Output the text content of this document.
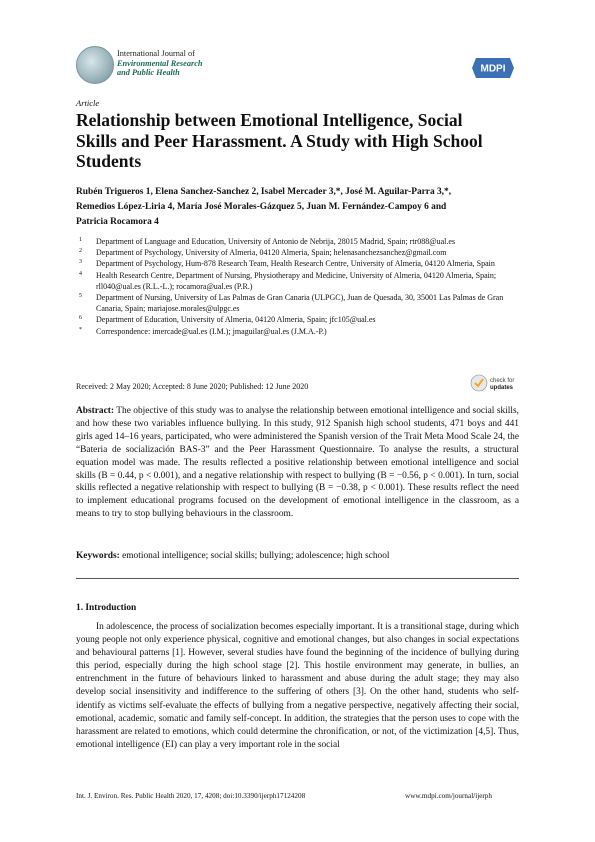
International Journal of
Environmental Research
and Public Health	MDPI
Article
Relationship between Emotional Intelligence, Social Skills and Peer Harassment. A Study with High School Students
Rubén Trigueros 1, Elena Sanchez-Sanchez 2, Isabel Mercader 3,*, José M. Aguilar-Parra 3,*,
Remedios López-Liria 4, María José Morales-Gázquez 5, Juan M. Fernández-Campoy 6 and
Patricia Rocamora 4
1 Department of Language and Education, University of Antonio de Nebrija, 28015 Madrid, Spain; rtr088@ual.es
2 Department of Psychology, University of Almeria, 04120 Almeria, Spain; helenasanchezsanchez@gmail.com
3 Department of Psychology, Hum-878 Research Team, Health Research Centre, University of Almeria, 04120 Almeria, Spain
4 Health Research Centre, Department of Nursing, Physiotherapy and Medicine, University of Almeria, 04120 Almeria, Spain; rll040@ual.es (R.L.-L.); rocamora@ual.es (P.R.)
5 Department of Nursing, University of Las Palmas de Gran Canaria (ULPGC), Juan de Quesada, 30, 35001 Las Palmas de Gran Canaria, Spain; mariajose.morales@ulpgc.es
6 Department of Education, University of Almeria, 04120 Almeria, Spain; jfc105@ual.es
* Correspondence: imercade@ual.es (I.M.); jmaguilar@ual.es (J.M.A.-P.)
Received: 2 May 2020; Accepted: 8 June 2020; Published: 12 June 2020
check for
updates
Abstract: The objective of this study was to analyse the relationship between emotional intelligence and social skills, and how these two variables influence bullying. In this study, 912 Spanish high school students, 471 boys and 441 girls aged 14–16 years, participated, who were administered the Spanish version of the Trait Meta Mood Scale 24, the “Bateria de socialización BAS-3” and the Peer Harassment Questionnaire. To analyse the results, a structural equation model was made. The results reflected a positive relationship between emotional intelligence and social skills (B = 0.44, p < 0.001), and a negative relationship with respect to bullying (B = −0.56, p < 0.001). In turn, social skills reflected a negative relationship with respect to bullying (B = −0.38, p < 0.001). These results reflect the need to implement educational programs focused on the development of emotional intelligence in the classroom, as a means to try to stop bullying behaviours in the classroom.
Keywords: emotional intelligence; social skills; bullying; adolescence; high school
1. Introduction
In adolescence, the process of socialization becomes especially important. It is a transitional stage, during which young people not only experience physical, cognitive and emotional changes, but also changes in social expectations and behavioural patterns [1]. However, several studies have found the beginning of the incidence of bullying during this period, especially during the high school stage [2]. This hostile environment may generate, in bullies, an entrenchment in the future of behaviours linked to harassment and abuse during the adult stage; they may also develop social insensitivity and indifference to the suffering of others [3]. On the other hand, students who self-identify as victims self-evaluate the effects of bullying from a negative perspective, negatively affecting their social, emotional, academic, somatic and family self-concept. In addition, the strategies that the person uses to cope with the harassment are related to emotions, which could determine the chronification, or not, of the victimization [4,5]. Thus, emotional intelligence (EI) can play a very important role in the social
Int. J. Environ. Res. Public Health 2020, 17, 4208; doi:10.3390/ijerph17124208	www.mdpi.com/journal/ijerph
